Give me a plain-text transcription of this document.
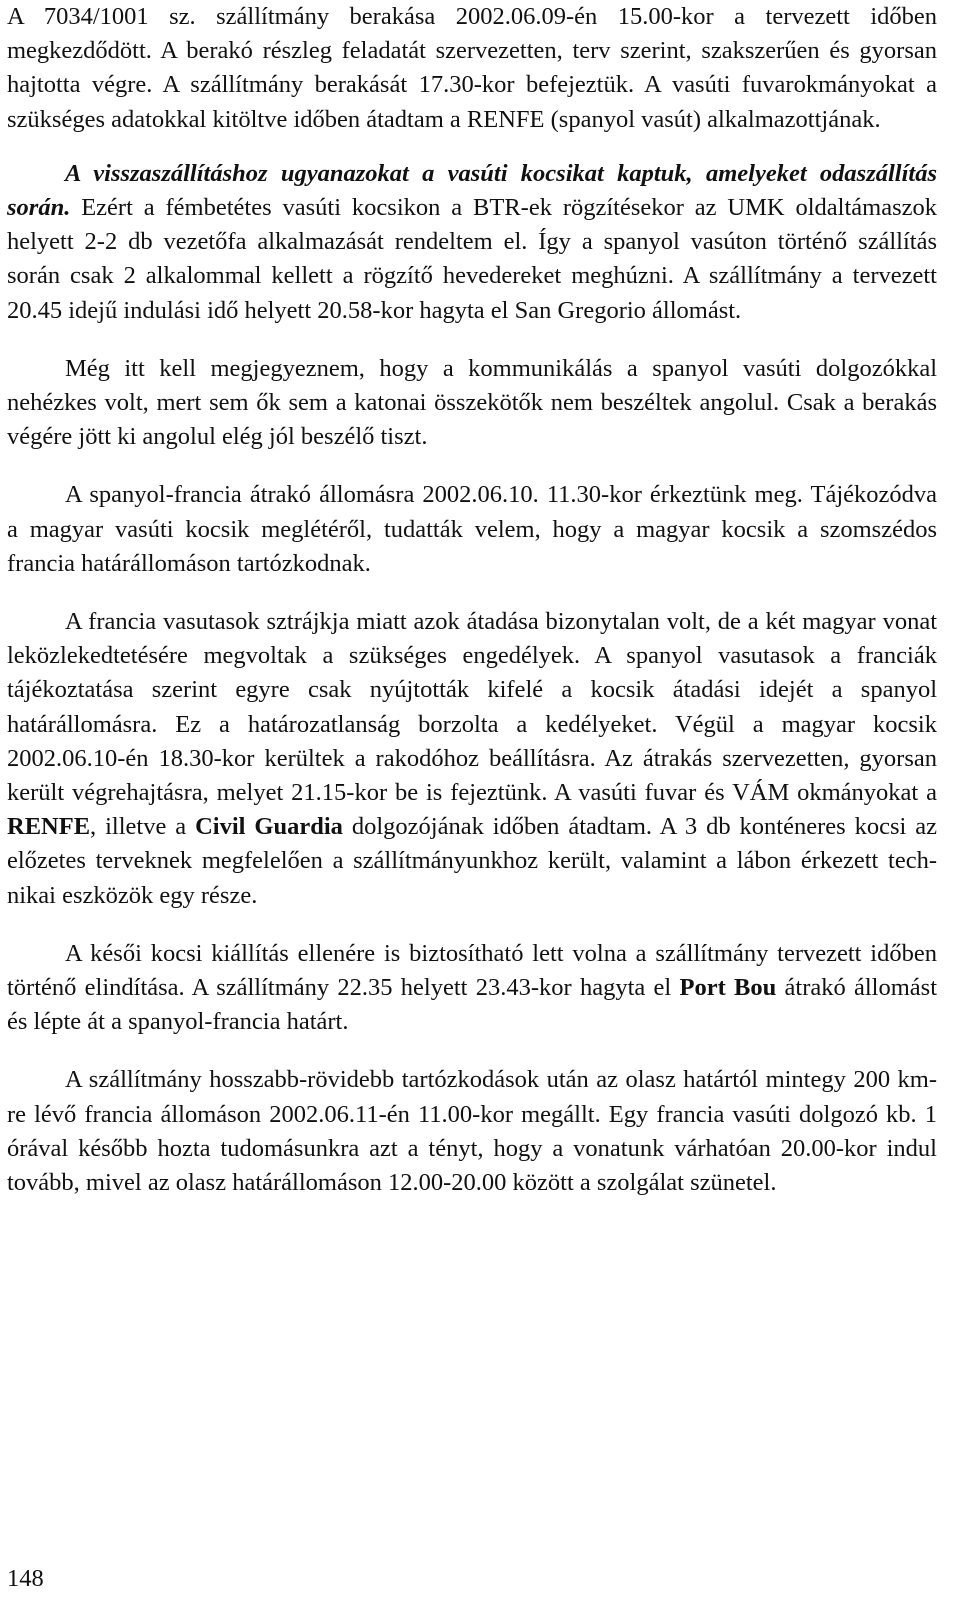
A 7034/1001 sz. szállítmány berakása 2002.06.09-én 15.00-kor a tervezett időben megkezdődött. A berakó részleg feladatát szervezetten, terv szerint, szakszerűen és gyorsan hajtotta végre. A szállítmány berakását 17.30-kor befejeztük. A vasúti fuvarokmányokat a szükséges adatokkal kitöltve időben átadtam a RENFE (spanyol vasút) alkalmazottjának.

A visszaszállításhoz ugyanazokat a vasúti kocsikat kaptuk, amelyeket odaszállítás során. Ezért a fémbetétes vasúti kocsikon a BTR-ek rögzítésekor az UMK oldaltámaszok helyett 2-2 db vezetőfa alkalmazását rendeltem el. Így a spanyol vasúton történő szállítás során csak 2 alkalommal kellett a rögzítő hevedereket meghúzni. A szállítmány a tervezett 20.45 idejű indulási idő helyett 20.58-kor hagyta el San Gregorio állomást.

Még itt kell megjegyeznem, hogy a kommunikálás a spanyol vasúti dolgozókkal nehézkes volt, mert sem ők sem a katonai összekötők nem beszéltek angolul. Csak a berakás végére jött ki angolul elég jól beszélő tiszt.

A spanyol-francia átrakó állomásra 2002.06.10. 11.30-kor érkeztünk meg. Tájékozódva a magyar vasúti kocsik meglétéről, tudatták velem, hogy a magyar kocsik a szomszédos francia határállomáson tartózkodnak.

A francia vasutasok sztrájkja miatt azok átadása bizonytalan volt, de a két magyar vonat leközlekedtetésére megvoltak a szükséges engedélyek. A spanyol vasutasok a franciák tájékoztatása szerint egyre csak nyújtották kifelé a kocsik átadási idejét a spanyol határállomásra. Ez a határozatlanság borzolta a kedélyeket. Végül a magyar kocsik 2002.06.10-én 18.30-kor kerültek a rakodóhoz beállításra. Az átrakás szervezetten, gyorsan került végrehajtásra, melyet 21.15-kor be is fejeztünk. A vasúti fuvar és VÁM okmányokat a RENFE, illetve a Civil Guardia dolgozójának időben átadtam. A 3 db konténeres kocsi az előzetes terveknek megfelelően a szállítmányunkhoz került, valamint a lábon érkezett technikai eszközök egy része.

A késői kocsi kiállítás ellenére is biztosítható lett volna a szállítmány tervezett időben történő elindítása. A szállítmány 22.35 helyett 23.43-kor hagyta el Port Bou átrakó állomást és lépte át a spanyol-francia határt.

A szállítmány hosszabb-rövidebb tartózkodások után az olasz határtól mintegy 200 km-re lévő francia állomáson 2002.06.11-én 11.00-kor megállt. Egy francia vasúti dolgozó kb. 1 órával később hozta tudomásunkra azt a tényt, hogy a vonatunk várhatóan 20.00-kor indul tovább, mivel az olasz határállomáson 12.00-20.00 között a szolgálat szünetel.

148
